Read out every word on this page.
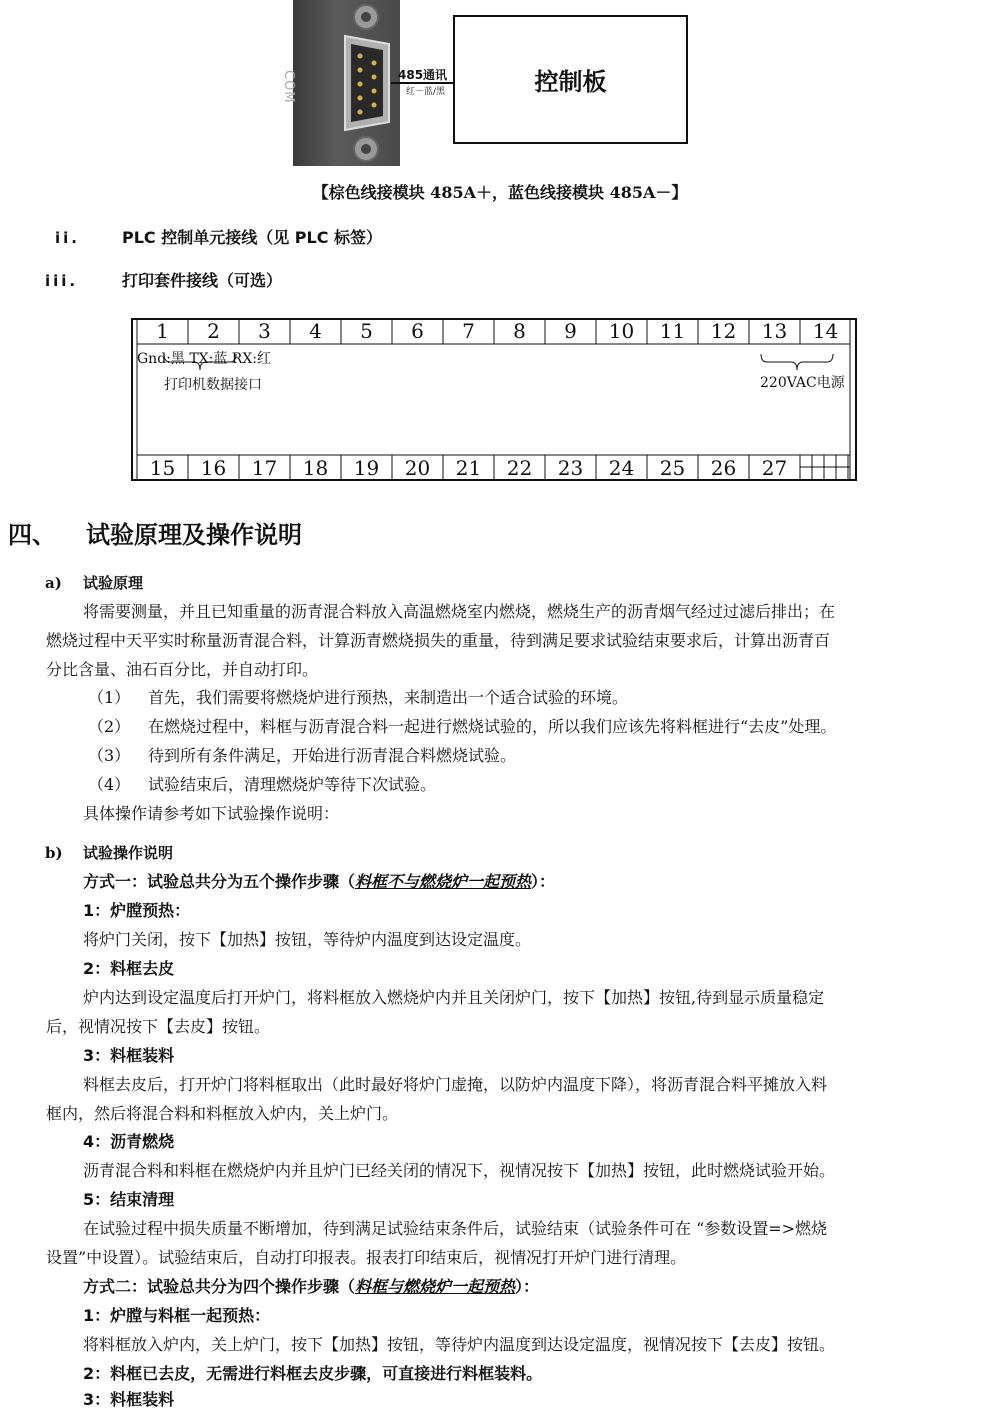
COM	485通讯
红－蓝/黑	控制板
【棕色线接模块 485A＋，蓝色线接模块 485A－】
ii.	PLC 控制单元接线（见 PLC 标签）
iii.	打印套件接线（可选）
1	2	3	4	5	6	7	8	9	10	11	12	13	14
15	16	17	18	19	20	21	22	23	24	25	26	27
Gnd:黑 TX:蓝 RX:红
打印机数据接口	220VAC电源
四、 试验原理及操作说明
a) 试验原理
将需要测量，并且已知重量的沥青混合料放入高温燃烧室内燃烧，燃烧生产的沥青烟气经过过滤后排出；在
燃烧过程中天平实时称量沥青混合料，计算沥青燃烧损失的重量，待到满足要求试验结束要求后，计算出沥青百
分比含量、油石百分比，并自动打印。
（1） 首先，我们需要将燃烧炉进行预热，来制造出一个适合试验的环境。
（2） 在燃烧过程中，料框与沥青混合料一起进行燃烧试验的，所以我们应该先将料框进行“去皮”处理。
（3） 待到所有条件满足，开始进行沥青混合料燃烧试验。
（4） 试验结束后，清理燃烧炉等待下次试验。
具体操作请参考如下试验操作说明：
b) 试验操作说明
方式一：试验总共分为五个操作步骤（料框不与燃烧炉一起预热）：
1：炉膛预热：
将炉门关闭，按下【加热】按钮，等待炉内温度到达设定温度。
2：料框去皮
炉内达到设定温度后打开炉门，将料框放入燃烧炉内并且关闭炉门，按下【加热】按钮,待到显示质量稳定
后，视情况按下【去皮】按钮。
3：料框装料
料框去皮后，打开炉门将料框取出（此时最好将炉门虚掩，以防炉内温度下降），将沥青混合料平摊放入料
框内，然后将混合料和料框放入炉内，关上炉门。
4：沥青燃烧
沥青混合料和料框在燃烧炉内并且炉门已经关闭的情况下，视情况按下【加热】按钮，此时燃烧试验开始。
5：结束清理
在试验过程中损失质量不断增加，待到满足试验结束条件后，试验结束（试验条件可在 “参数设置=>燃烧
设置”中设置）。试验结束后，自动打印报表。报表打印结束后，视情况打开炉门进行清理。
方式二：试验总共分为四个操作步骤（料框与燃烧炉一起预热）：
1：炉膛与料框一起预热：
将料框放入炉内，关上炉门，按下【加热】按钮，等待炉内温度到达设定温度，视情况按下【去皮】按钮。
2：料框已去皮，无需进行料框去皮步骤，可直接进行料框装料。
3：料框装料
